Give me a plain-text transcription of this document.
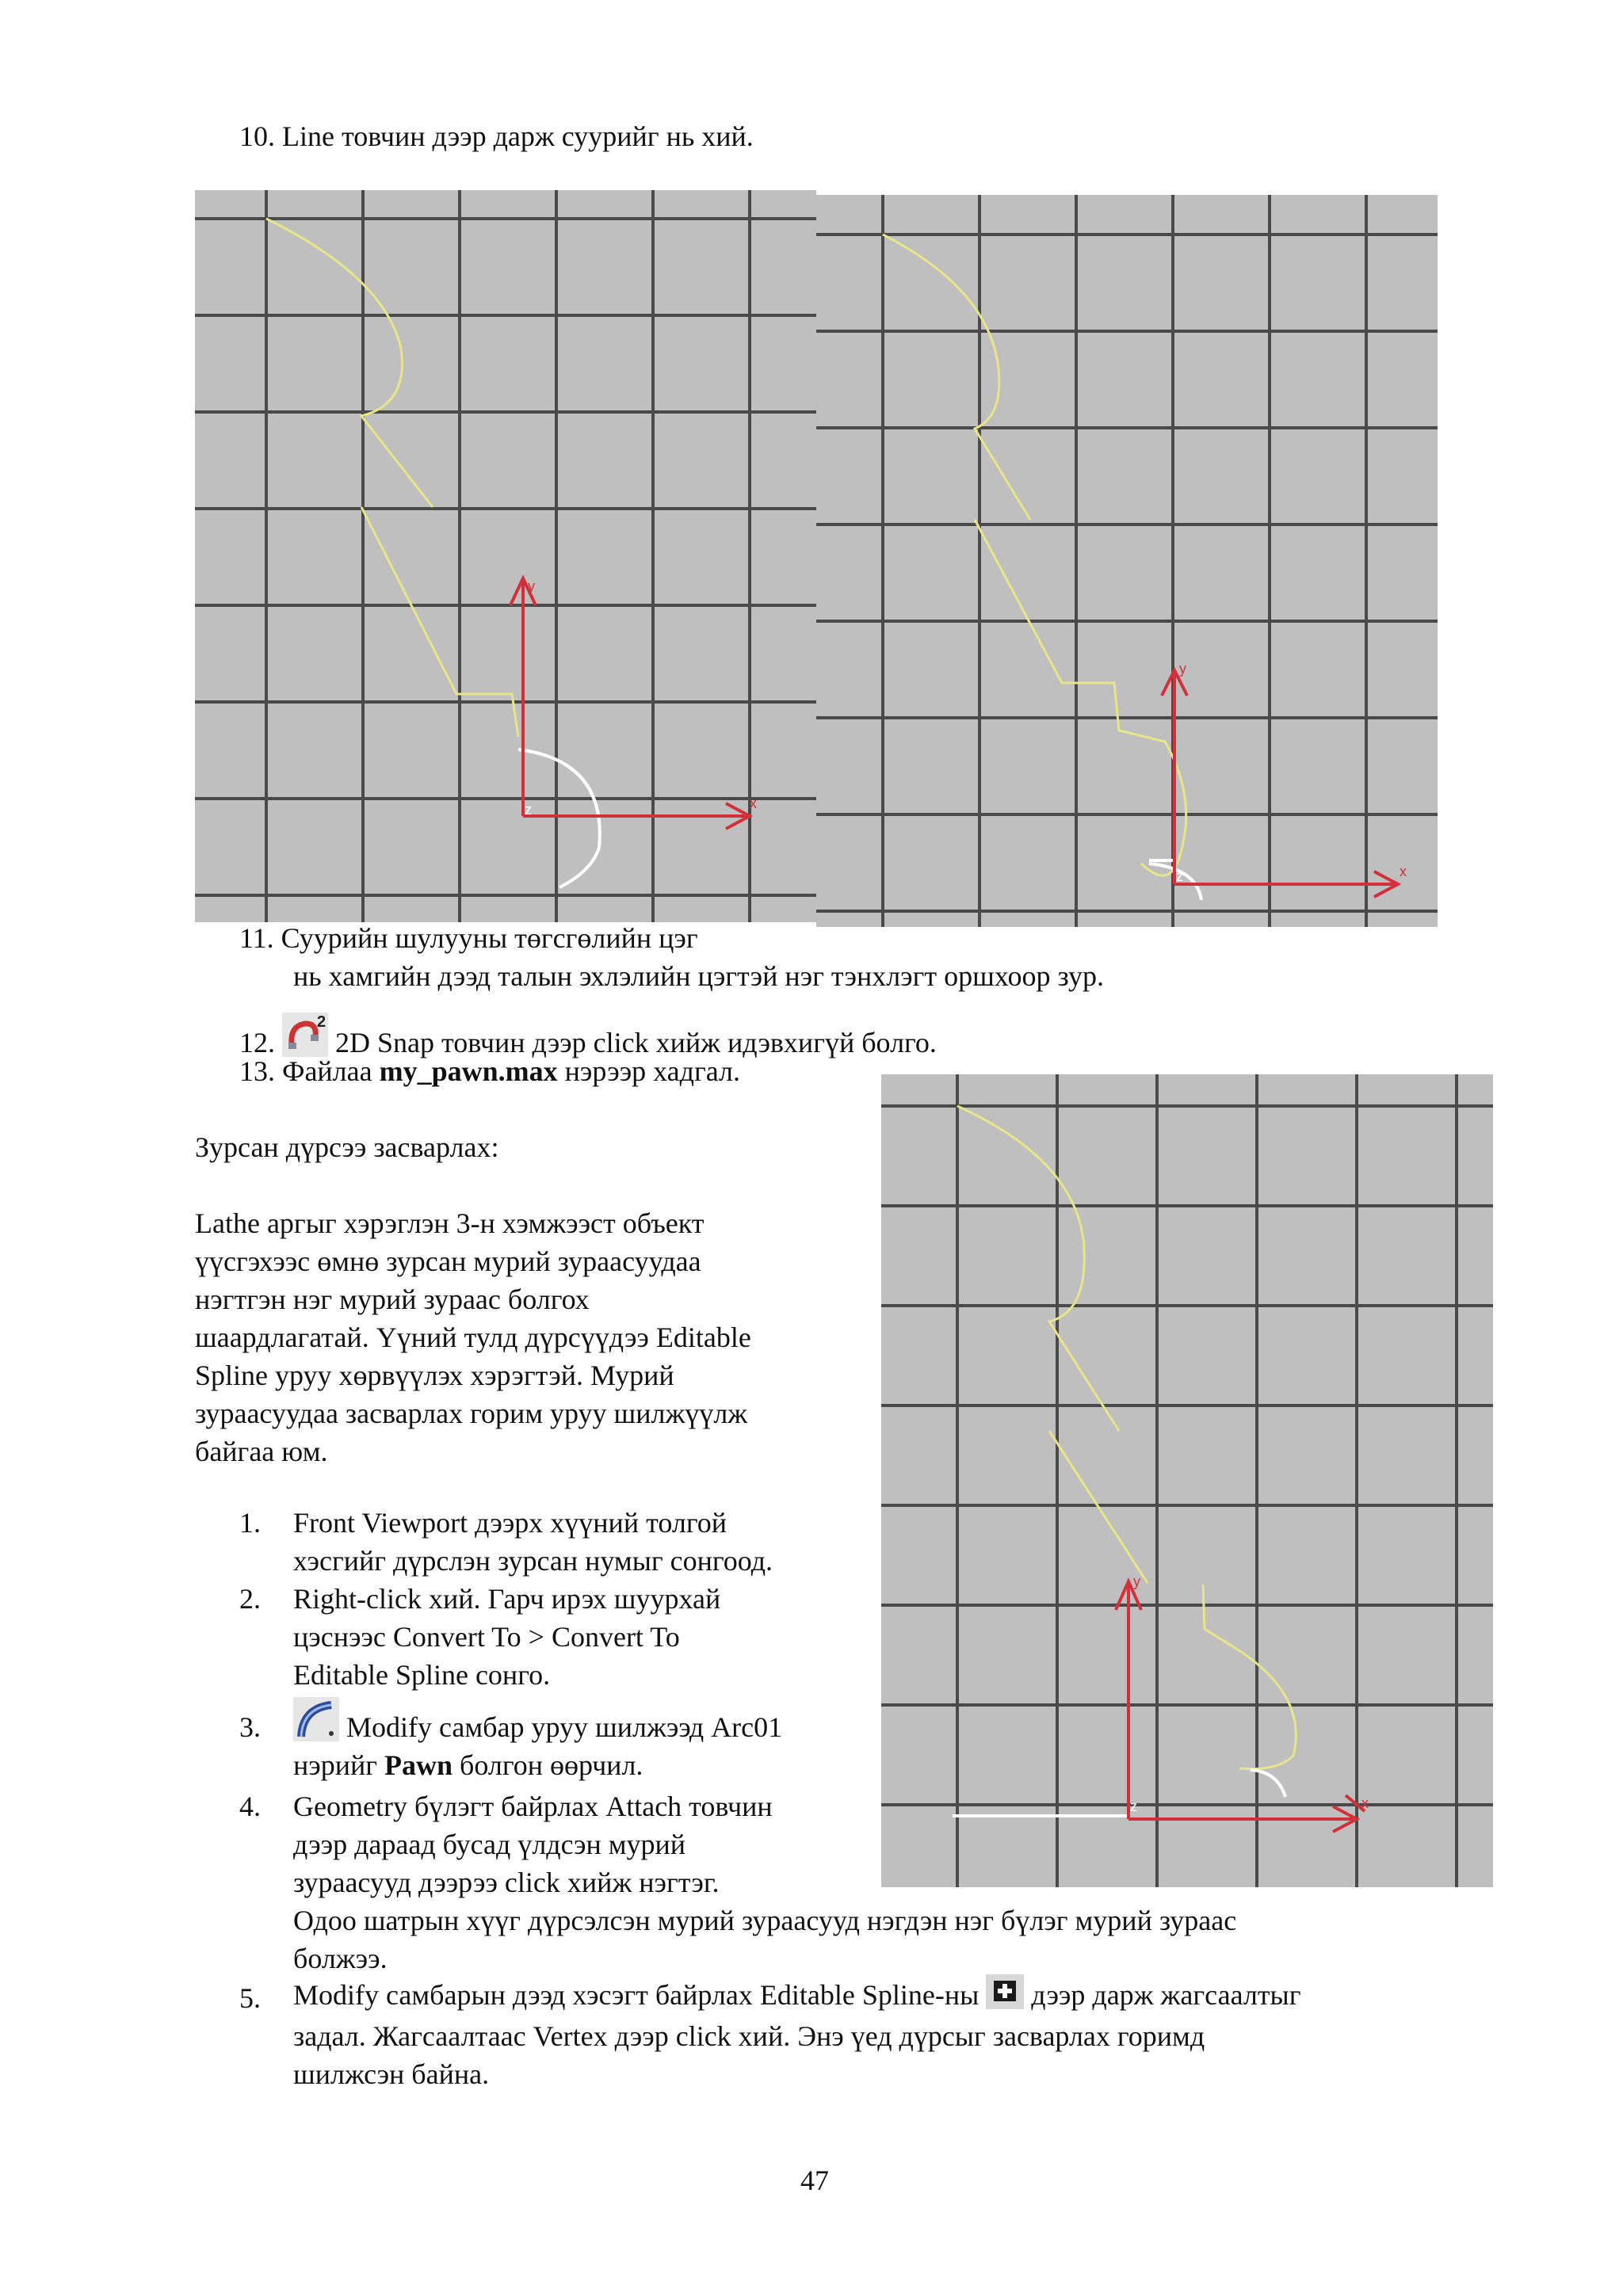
10. Line товчин дээр дарж суурийг нь хий.
y
x
z
y
x
z
11. Суурийн шулууны төгсгөлийн цэг
нь хамгийн дээд талын эхлэлийн цэгтэй нэг тэнхлэгт оршхоор зур.
12.
2
2D Snap товчин дээр click хийж идэвхигүй болго.
13. Файлаа my_pawn.max нэрээр хадгал.
y
x
z
Зурсан дүрсээ засварлах:
Lathe аргыг хэрэглэн 3-н хэмжээст объект
үүсгэхээс өмнө зурсан мурий зураасуудаа
нэгтгэн нэг мурий зураас болгох
шаардлагатай. Үүний тулд дүрсүүдээ Editable
Spline уруу хөрвүүлэх хэрэгтэй. Мурий
зураасуудаа засварлах горим уруу шилжүүлж
байгаа юм.
1. Front Viewport дээрх хүүний толгой
хэсгийг дүрслэн зурсан нумыг сонгоод.
2. Right-click хий. Гарч ирэх шуурхай
цэснээс Convert To > Convert To
Editable Spline сонго.
3.	Modify самбар уруу шилжээд Arc01
нэрийг Pawn болгон өөрчил.
4. Geometry бүлэгт байрлах Attach товчин
дээр дараад бусад үлдсэн мурий
зураасууд дээрээ click хийж нэгтэг.
Одоо шатрын хүүг дүрсэлсэн мурий зураасууд нэгдэн нэг бүлэг мурий зураас
болжээ.
5. Modify самбарын дээд хэсэгт байрлах Editable Spline-ны  дээр дарж жагсаалтыг
задал. Жагсаалтаас Vertex дээр click хий. Энэ үед дүрсыг засварлах горимд
шилжсэн байна.
47
